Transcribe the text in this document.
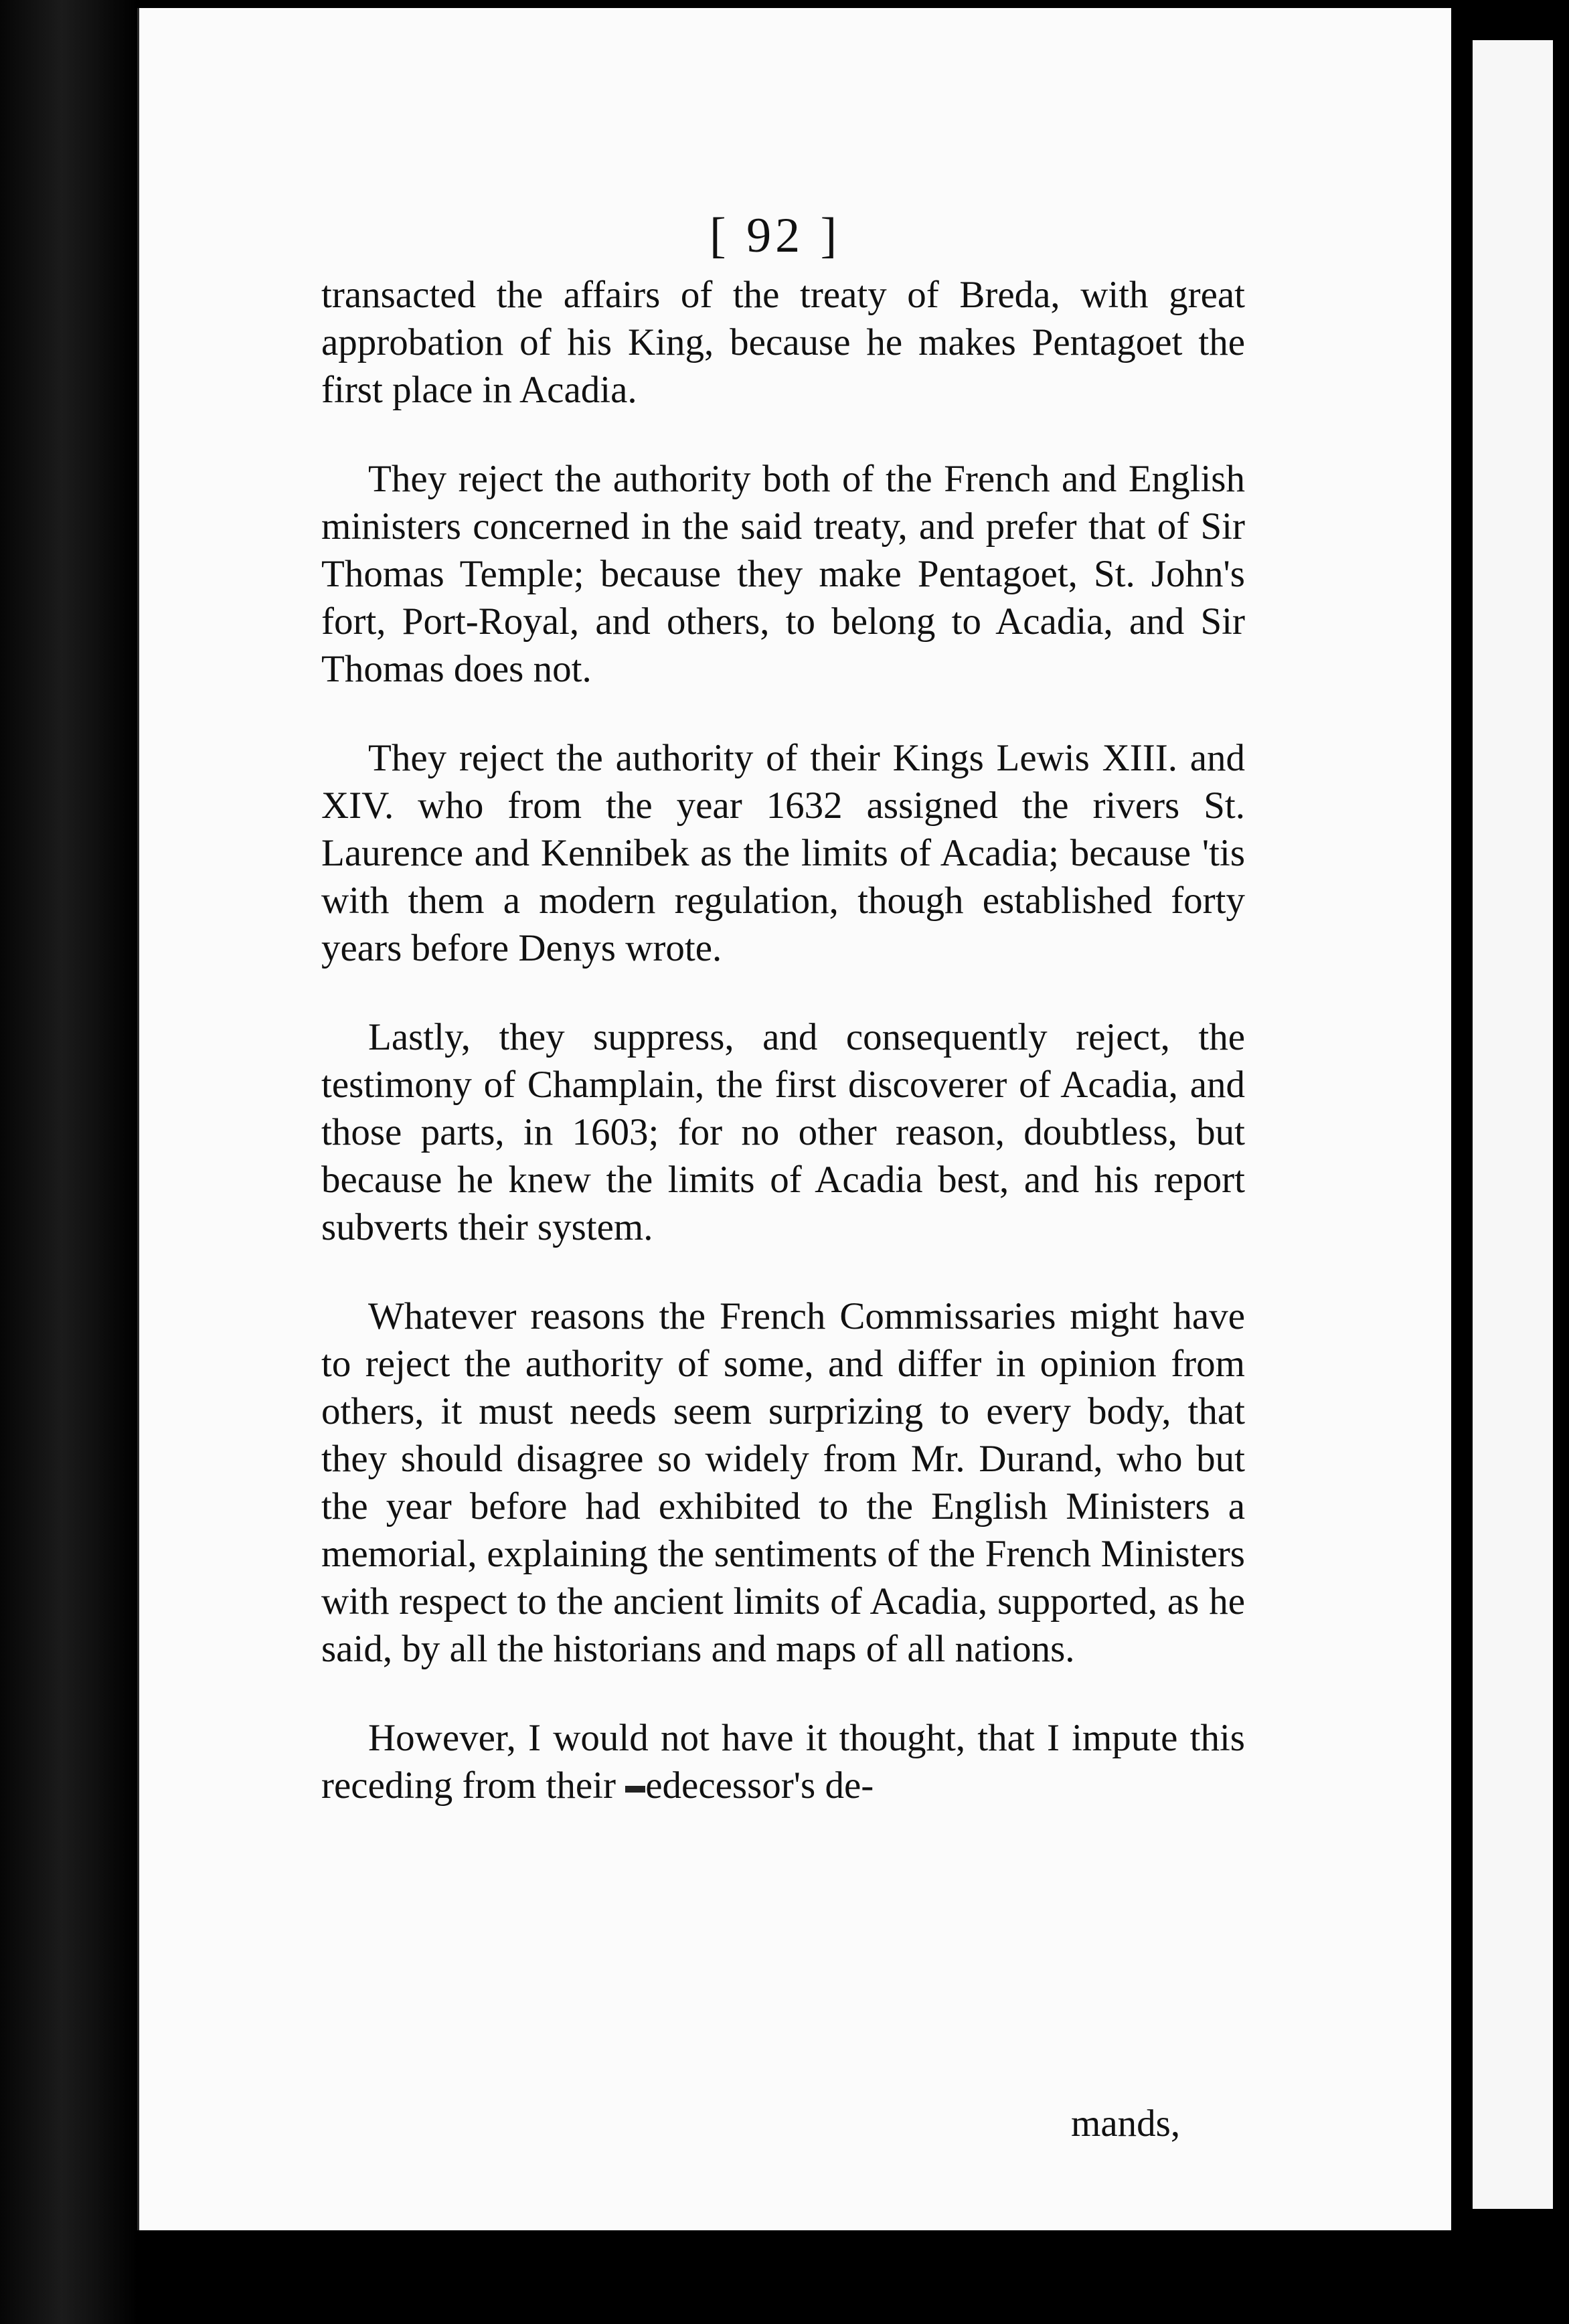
[ 92 ]

transacted the affairs of the treaty of Breda, with great approbation of his King, because he makes Pentagoet the first place in Acadia.

They reject the authority both of the French and English ministers concerned in the said treaty, and prefer that of Sir Thomas Temple; because they make Pentagoet, St. John's fort, Port-Royal, and others, to belong to Acadia, and Sir Thomas does not.

They reject the authority of their Kings Lewis XIII. and XIV. who from the year 1632 assigned the rivers St. Laurence and Kennibek as the limits of Acadia; because 'tis with them a modern regulation, though established forty years before Denys wrote.

Lastly, they suppress, and consequently reject, the testimony of Champlain, the first discoverer of Acadia, and those parts, in 1603; for no other reason, doubtless, but because he knew the limits of Acadia best, and his report subverts their system.

Whatever reasons the French Commissaries might have to reject the authority of some, and differ in opinion from others, it must needs seem surprizing to every body, that they should disagree so widely from Mr. Durand, who but the year before had exhibited to the English Ministers a memorial, explaining the sentiments of the French Ministers with respect to the ancient limits of Acadia, supported, as he said, by all the historians and maps of all nations.

However, I would not have it thought, that I impute this receding from their edecessor's de-

mands,
